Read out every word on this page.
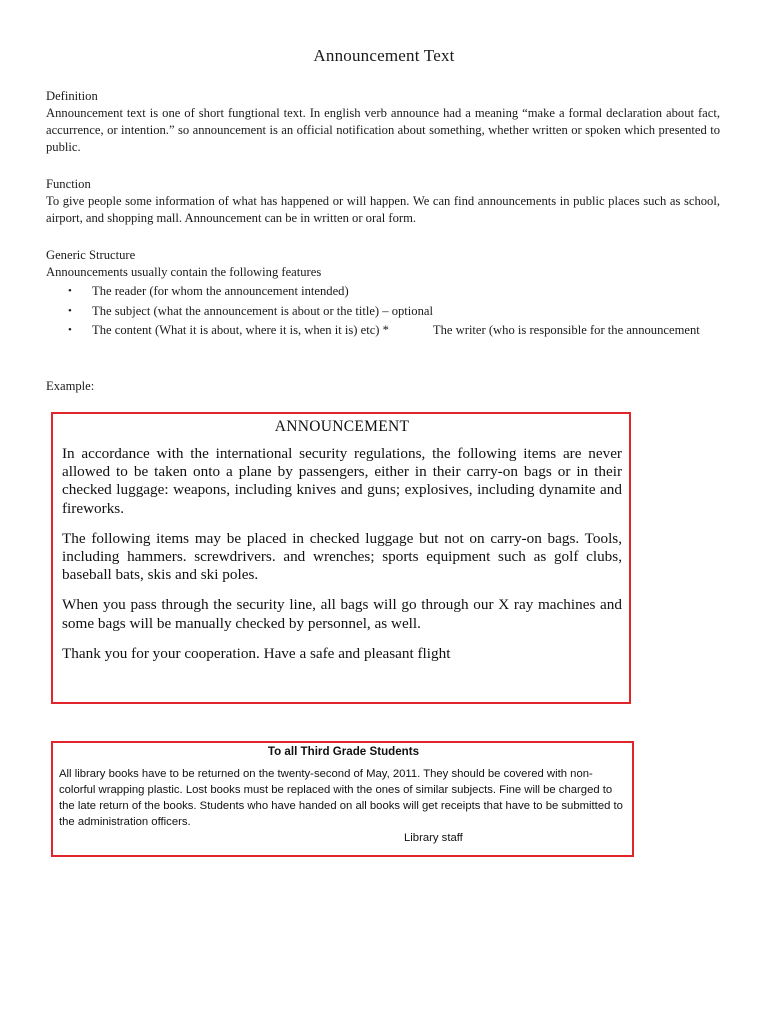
Announcement Text
Definition

Announcement text is one of short fungtional text. In english verb announce had a meaning “make a formal declaration about fact, accurrence, or intention.” so announcement is an official notification about something, whether written or spoken which presented to public.

Function

To give people some information of what has happened or will happen. We can find announcements in public places such as school, airport, and shopping mall. Announcement can be in written or oral form.

Generic Structure
Announcements usually contain the following features
• The reader (for whom the announcement intended)
• The subject (what the announcement is about or the title) – optional
• The content (What it is about, where it is, when it is) etc) *	The writer (who is responsible for the announcement
Example:
ANNOUNCEMENT

In accordance with the international security regulations, the following items are never allowed to be taken onto a plane by passengers, either in their carry-on bags or in their checked luggage: weapons, including knives and guns; explosives, including dynamite and fireworks.

The following items may be placed in checked luggage but not on carry-on bags. Tools, including hammers. screwdrivers. and wrenches; sports equipment such as golf clubs, baseball bats, skis and ski poles.

When you pass through the security line, all bags will go through our X ray machines and some bags will be manually checked by personnel, as well.

Thank you for your cooperation. Have a safe and pleasant flight

To all Third Grade Students

All library books have to be returned on the twenty-second of May, 2011. They should be covered with non-colorful wrapping plastic. Lost books must be replaced with the ones of similar subjects. Fine will be charged to the late return of the books. Students who have handed on all books will get receipts that have to be submitted to the administration officers.

Library staff
